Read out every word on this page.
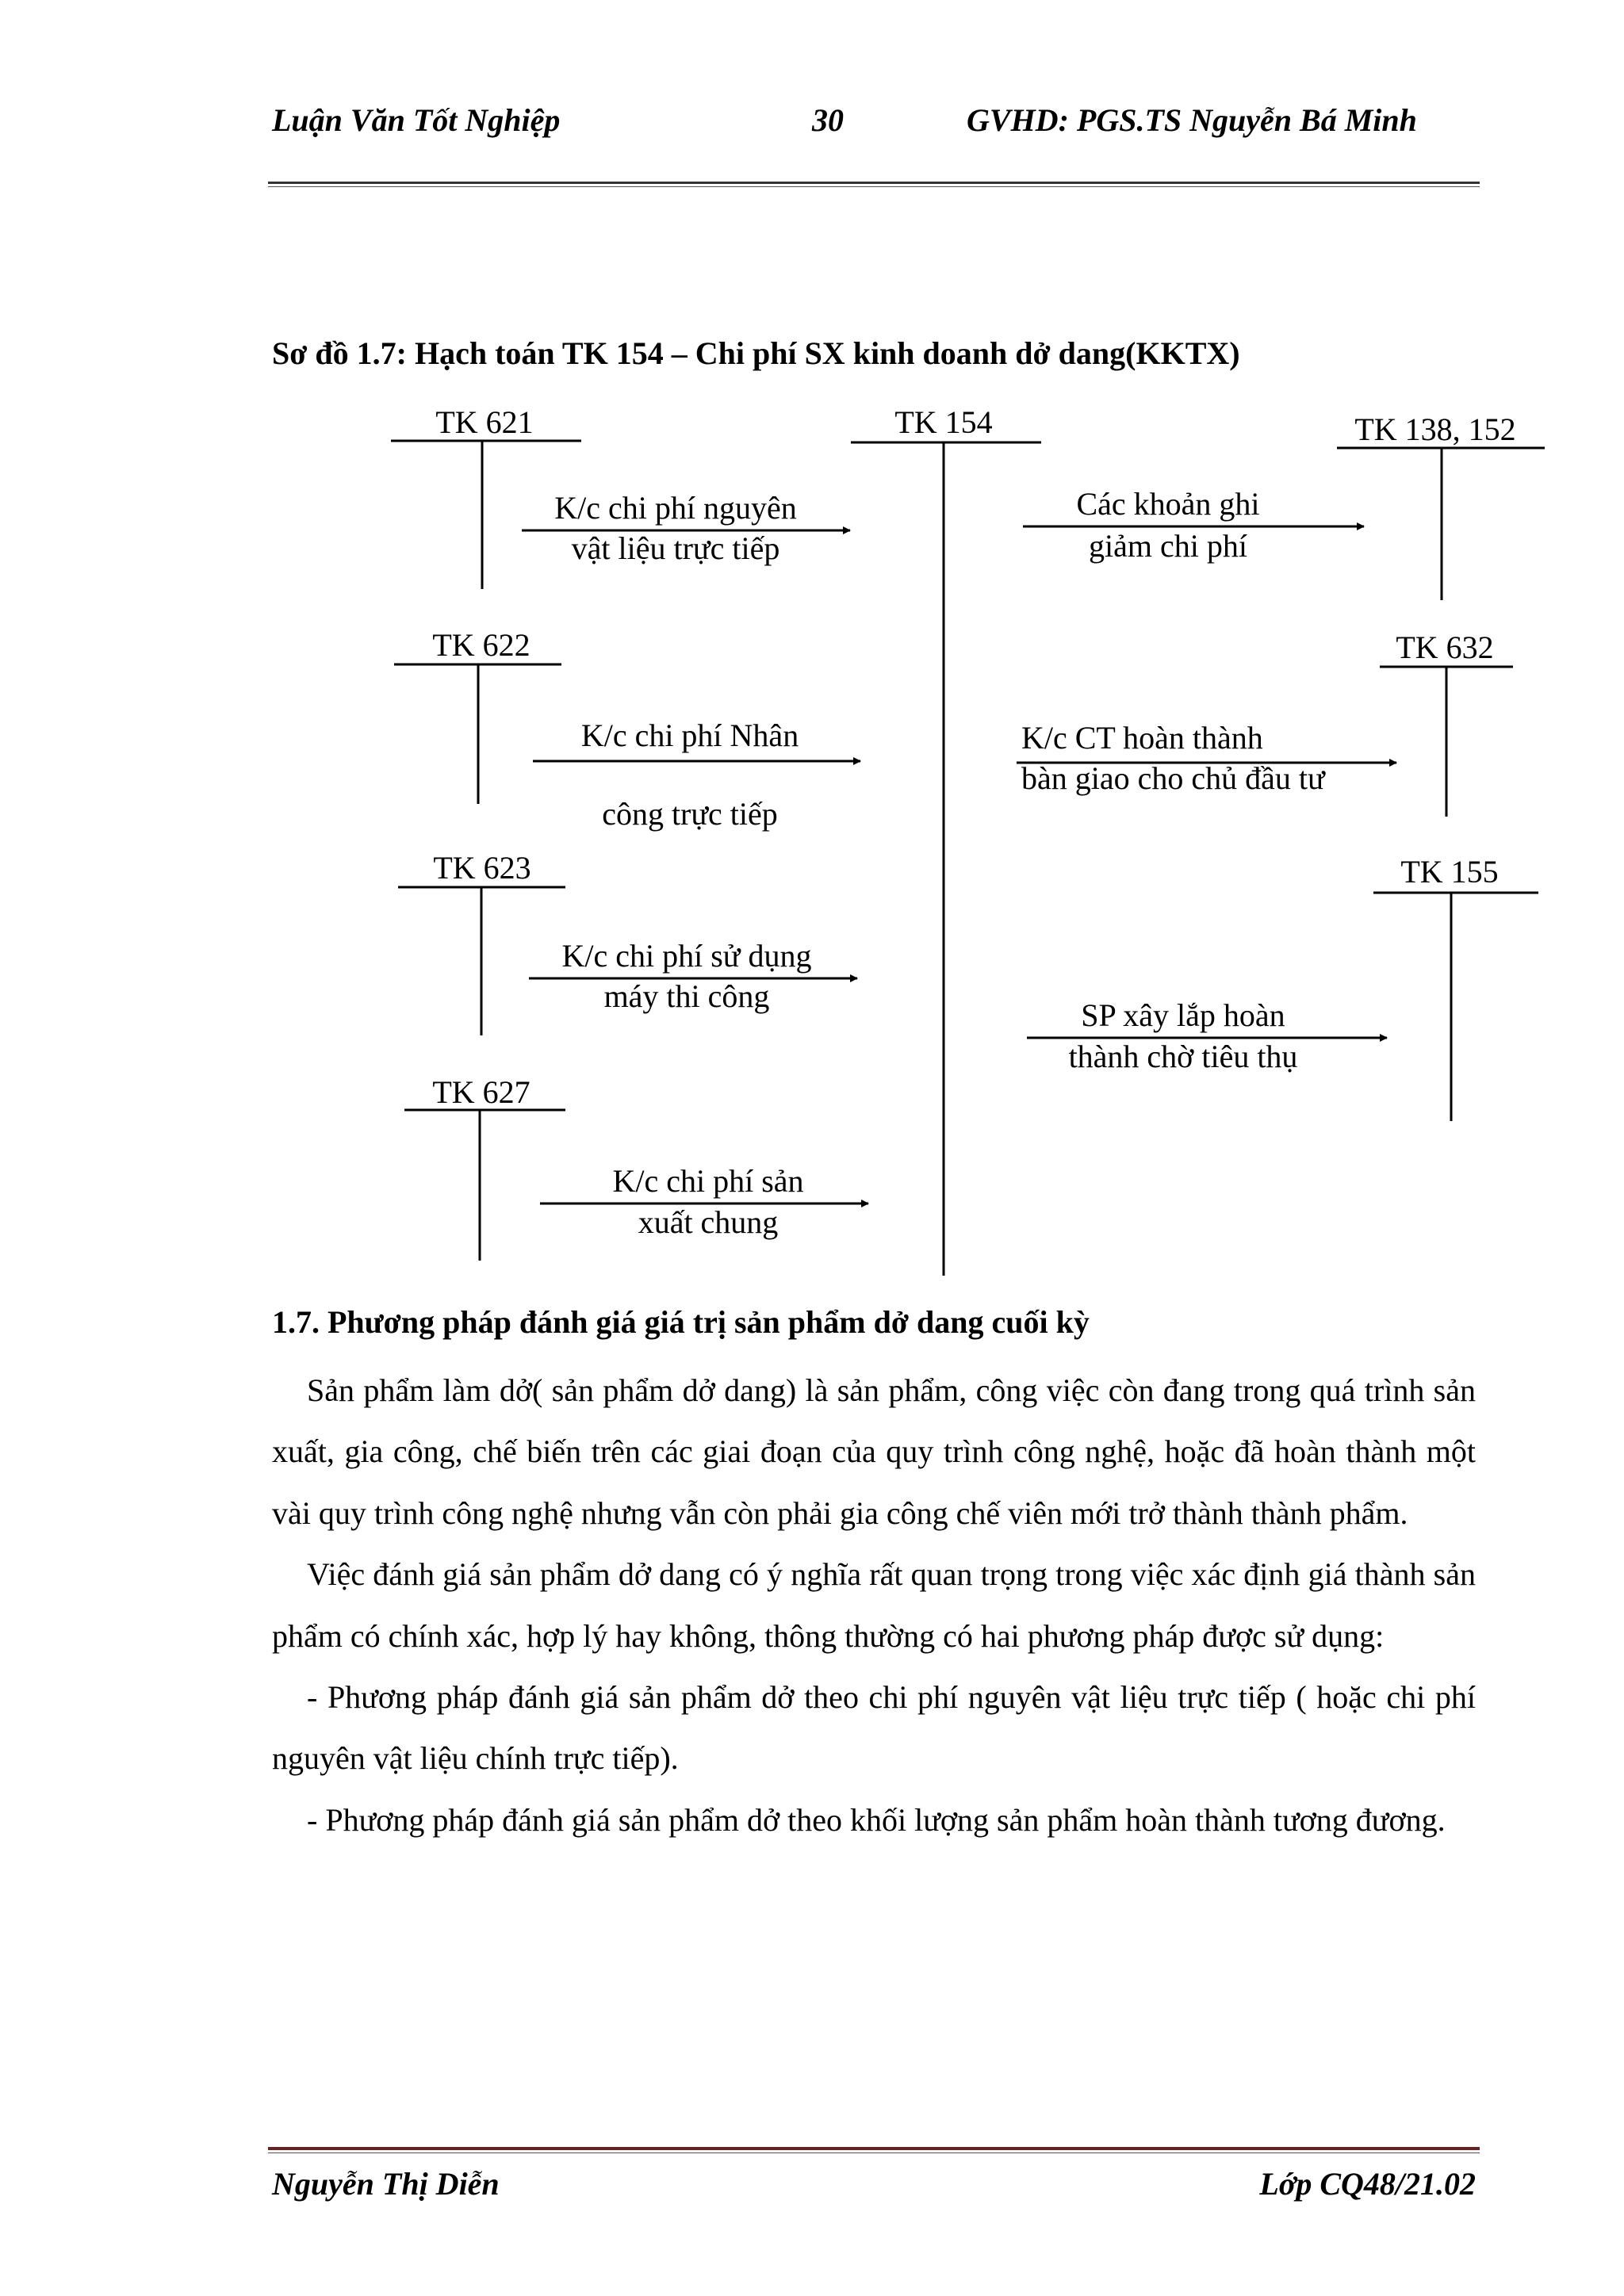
Luận Văn Tốt Nghiệp	30	GVHD: PGS.TS Nguyễn Bá Minh
Sơ đồ 1.7: Hạch toán TK 154 – Chi phí SX kinh doanh dở dang(KKTX)
TK 621
TK 622
TK 623
TK 627
TK 154	TK 138, 152
TK 632
TK 155
K/c chi phí nguyên
vật liệu trực tiếp
K/c chi phí Nhân
công trực tiếp
K/c chi phí sử dụng
máy thi công
K/c chi phí sản
xuất chung
Các khoản ghi
giảm chi phí
K/c CT hoàn thành
bàn giao cho chủ đầu tư
SP xây lắp hoàn
thành chờ tiêu thụ
1.7. Phương pháp đánh giá giá trị sản phẩm dở dang cuối kỳ

Sản phẩm làm dở( sản phẩm dở dang) là sản phẩm, công việc còn đang trong quá trình sản xuất, gia công, chế biến trên các giai đoạn của quy trình công nghệ, hoặc đã hoàn thành một vài quy trình công nghệ nhưng vẫn còn phải gia công chế viên mới trở thành thành phẩm.

Việc đánh giá sản phẩm dở dang có ý nghĩa rất quan trọng trong việc xác định giá thành sản phẩm có chính xác, hợp lý hay không, thông thường có hai phương pháp được sử dụng:

- Phương pháp đánh giá sản phẩm dở theo chi phí nguyên vật liệu trực tiếp ( hoặc chi phí nguyên vật liệu chính trực tiếp).

- Phương pháp đánh giá sản phẩm dở theo khối lượng sản phẩm hoàn thành tương đương.

Nguyễn Thị Diễn	Lớp CQ48/21.02
